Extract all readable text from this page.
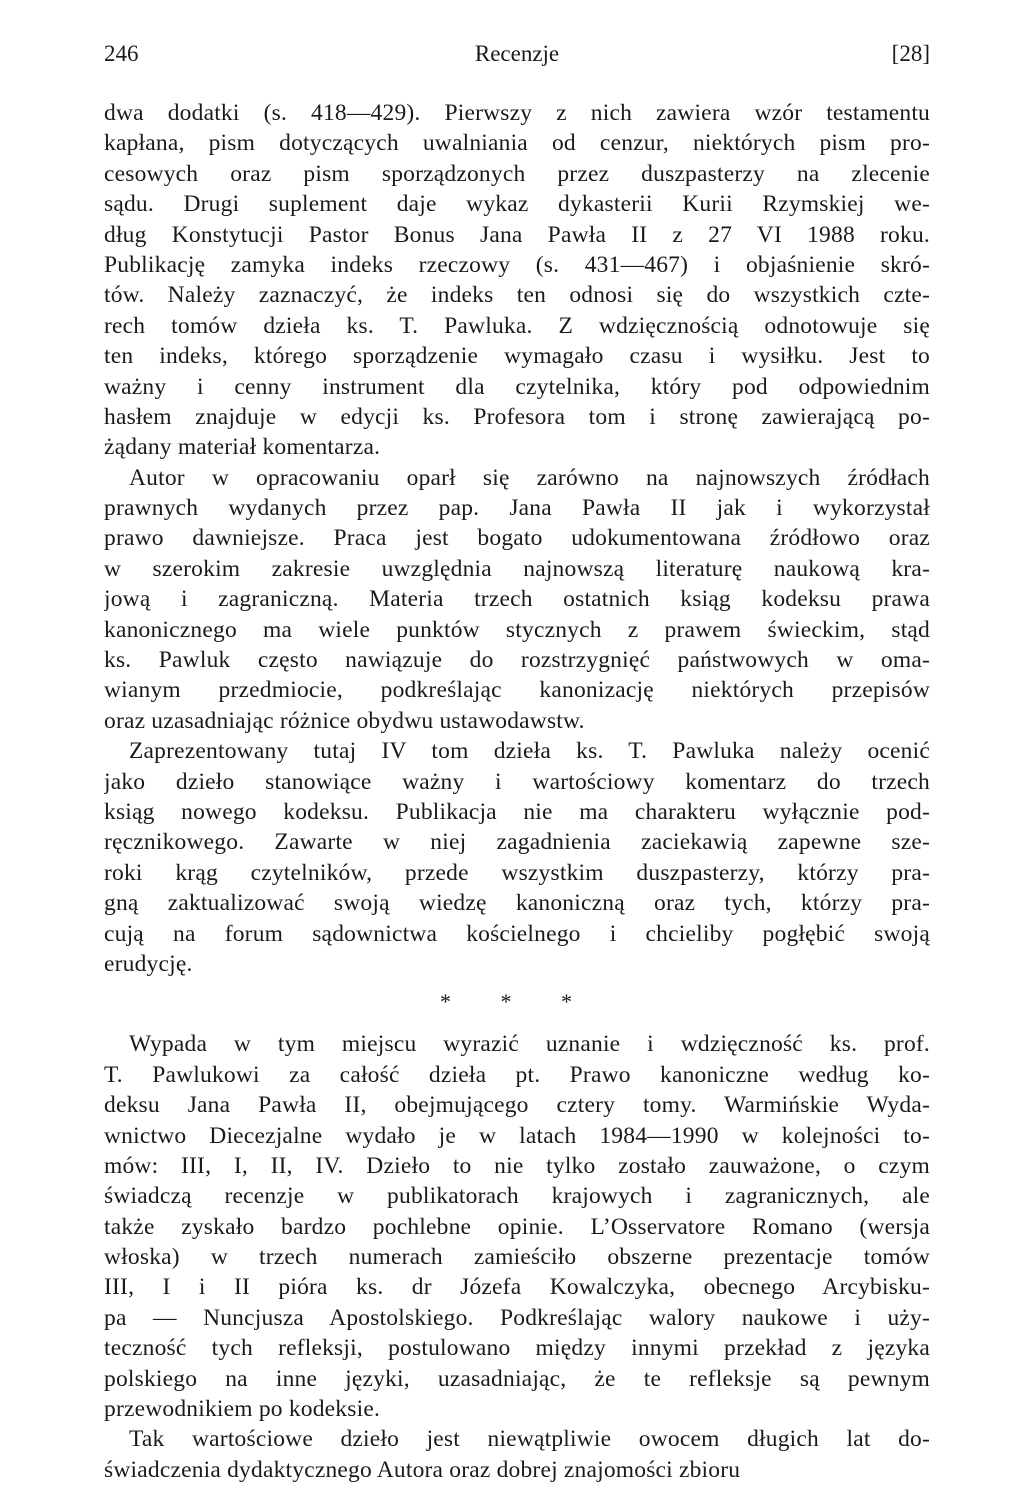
246	Recenzje	[28]
dwa dodatki (s. 418—429). Pierwszy z nich zawiera wzór testamentu
kapłana, pism dotyczących uwalniania od cenzur, niektórych pism pro-
cesowych oraz pism sporządzonych przez duszpasterzy na zlecenie
sądu. Drugi suplement daje wykaz dykasterii Kurii Rzymskiej we-
dług Konstytucji Pastor Bonus Jana Pawła II z 27 VI 1988 roku.
Publikację zamyka indeks rzeczowy (s. 431—467) i objaśnienie skró-
tów. Należy zaznaczyć, że indeks ten odnosi się do wszystkich czte-
rech tomów dzieła ks. T. Pawluka. Z wdzięcznością odnotowuje się
ten indeks, którego sporządzenie wymagało czasu i wysiłku. Jest to
ważny i cenny instrument dla czytelnika, który pod odpowiednim
hasłem znajduje w edycji ks. Profesora tom i stronę zawierającą po-
żądany materiał komentarza.
Autor w opracowaniu oparł się zarówno na najnowszych źródłach
prawnych wydanych przez pap. Jana Pawła II jak i wykorzystał
prawo dawniejsze. Praca jest bogato udokumentowana źródłowo oraz
w szerokim zakresie uwzględnia najnowszą literaturę naukową kra-
jową i zagraniczną. Materia trzech ostatnich ksiąg kodeksu prawa
kanonicznego ma wiele punktów stycznych z prawem świeckim, stąd
ks. Pawluk często nawiązuje do rozstrzygnięć państwowych w oma-
wianym przedmiocie, podkreślając kanonizację niektórych przepisów
oraz uzasadniając różnice obydwu ustawodawstw.
Zaprezentowany tutaj IV tom dzieła ks. T. Pawluka należy ocenić
jako dzieło stanowiące ważny i wartościowy komentarz do trzech
ksiąg nowego kodeksu. Publikacja nie ma charakteru wyłącznie pod-
ręcznikowego. Zawarte w niej zagadnienia zaciekawią zapewne sze-
roki krąg czytelników, przede wszystkim duszpasterzy, którzy pra-
gną zaktualizować swoją wiedzę kanoniczną oraz tych, którzy pra-
cują na forum sądownictwa kościelnego i chcieliby pogłębić swoją
erudycję.
* * *
Wypada w tym miejscu wyrazić uznanie i wdzięczność ks. prof.
T. Pawlukowi za całość dzieła pt. Prawo kanoniczne według ko-
deksu Jana Pawła II, obejmującego cztery tomy. Warmińskie Wyda-
wnictwo Diecezjalne wydało je w latach 1984—1990 w kolejności to-
mów: III, I, II, IV. Dzieło to nie tylko zostało zauważone, o czym
świadczą recenzje w publikatorach krajowych i zagranicznych, ale
także zyskało bardzo pochlebne opinie. L’Osservatore Romano (wersja
włoska) w trzech numerach zamieściło obszerne prezentacje tomów
III, I i II pióra ks. dr Józefa Kowalczyka, obecnego Arcybisku-
pa — Nuncjusza Apostolskiego. Podkreślając walory naukowe i uży-
teczność tych refleksji, postulowano między innymi przekład z języka
polskiego na inne języki, uzasadniając, że te refleksje są pewnym
przewodnikiem po kodeksie.
Tak wartościowe dzieło jest niewątpliwie owocem długich lat do-
świadczenia dydaktycznego Autora oraz dobrej znajomości zbioru
